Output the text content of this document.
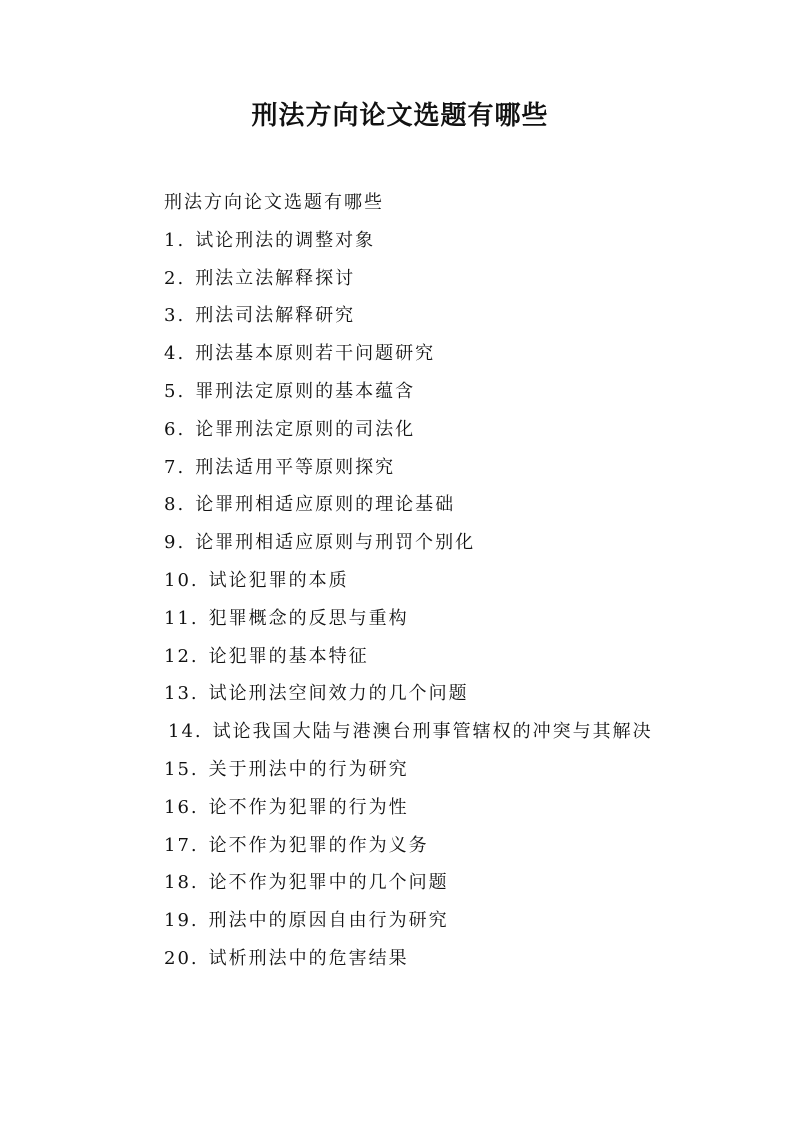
刑法方向论文选题有哪些

刑法方向论文选题有哪些

1. 试论刑法的调整对象

2. 刑法立法解释探讨

3. 刑法司法解释研究

4. 刑法基本原则若干问题研究

5. 罪刑法定原则的基本蕴含

6. 论罪刑法定原则的司法化

7. 刑法适用平等原则探究

8. 论罪刑相适应原则的理论基础

9. 论罪刑相适应原则与刑罚个别化

10. 试论犯罪的本质

11. 犯罪概念的反思与重构

12. 论犯罪的基本特征

13. 试论刑法空间效力的几个问题

14. 试论我国大陆与港澳台刑事管辖权的冲突与其解决

15. 关于刑法中的行为研究

16. 论不作为犯罪的行为性

17. 论不作为犯罪的作为义务

18. 论不作为犯罪中的几个问题

19. 刑法中的原因自由行为研究

20. 试析刑法中的危害结果
